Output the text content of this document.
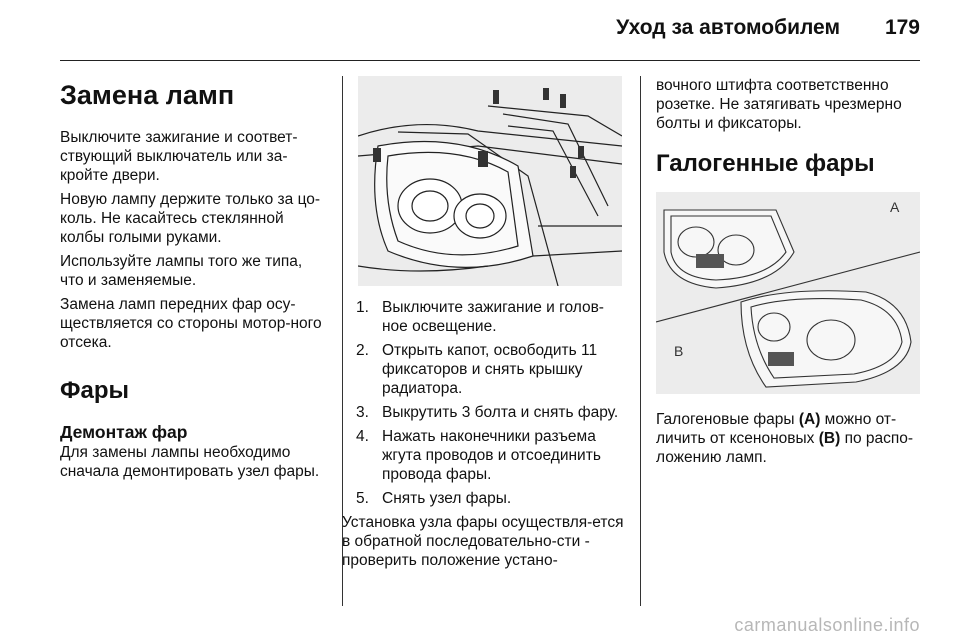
Уход за автомобилем 179
Замена ламп

Выключите зажигание и соответ-ствующий выключатель или за-кройте двери.

Новую лампу держите только за цо-коль. Не касайтесь стеклянной колбы голыми руками.

Используйте лампы того же типа, что и заменяемые.

Замена ламп передних фар осу-ществляется со стороны мотор-ного отсека.

Фары
Демонтаж фар

Для замены лампы необходимо сначала демонтировать узел фары.

1. Выключите зажигание и голов-ное освещение.
2. Открыть капот, освободить 11 фиксаторов и снять крышку радиатора.
3. Выкрутить 3 болта и снять фару.
4. Нажать наконечники разъема жгута проводов и отсоединить провода фары.
5. Снять узел фары.

Установка узла фары осуществля-ется в обратной последовательно-сти - проверить положение устано-

вочного штифта соответственно розетке. Не затягивать чрезмерно болты и фиксаторы.

Галогенные фары
A
B

Галогеновые фары (A) можно от-личить от ксеноновых (B) по распо-ложению ламп.

carmanualsonline.info
